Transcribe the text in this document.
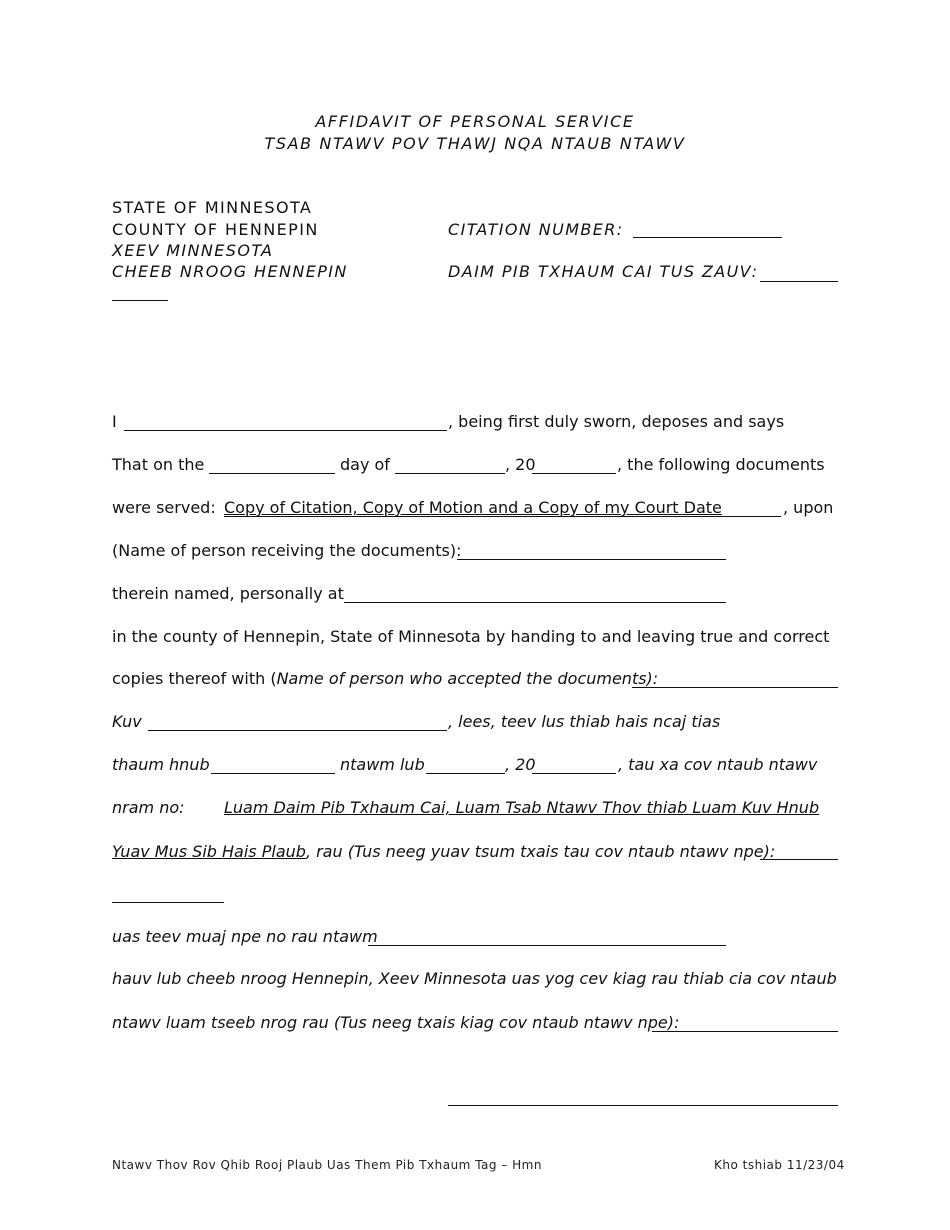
AFFIDAVIT OF PERSONAL SERVICE
TSAB NTAWV POV THAWJ NQA NTAUB NTAWV
STATE OF MINNESOTA
COUNTY OF HENNEPIN
XEEV MINNESOTA
CHEEB NROOG HENNEPIN
CITATION NUMBER:
DAIM PIB TXHAUM CAI TUS ZAUV:
I	, being first duly sworn, deposes and says
That on the	day of	, 20	, the following documents
were served: Copy of Citation, Copy of Motion and a Copy of my Court Date	, upon
(Name of person receiving the documents):
therein named, personally at
in the county of Hennepin, State of Minnesota by handing to and leaving true and correct
copies thereof with (Name of person who accepted the documents):
Kuv	, lees, teev lus thiab hais ncaj tias
thaum hnub	ntawm lub	, 20	, tau xa cov ntaub ntawv
nram no: Luam Daim Pib Txhaum Cai, Luam Tsab Ntawv Thov thiab Luam Kuv Hnub
Yuav Mus Sib Hais Plaub, rau (Tus neeg yuav tsum txais tau cov ntaub ntawv npe):
uas teev muaj npe no rau ntawm
hauv lub cheeb nroog Hennepin, Xeev Minnesota uas yog cev kiag rau thiab cia cov ntaub
ntawv luam tseeb nrog rau (Tus neeg txais kiag cov ntaub ntawv npe):
Ntawv Thov Rov Qhib Rooj Plaub Uas Them Pib Txhaum Tag – Hmn	Kho tshiab 11/23/04
